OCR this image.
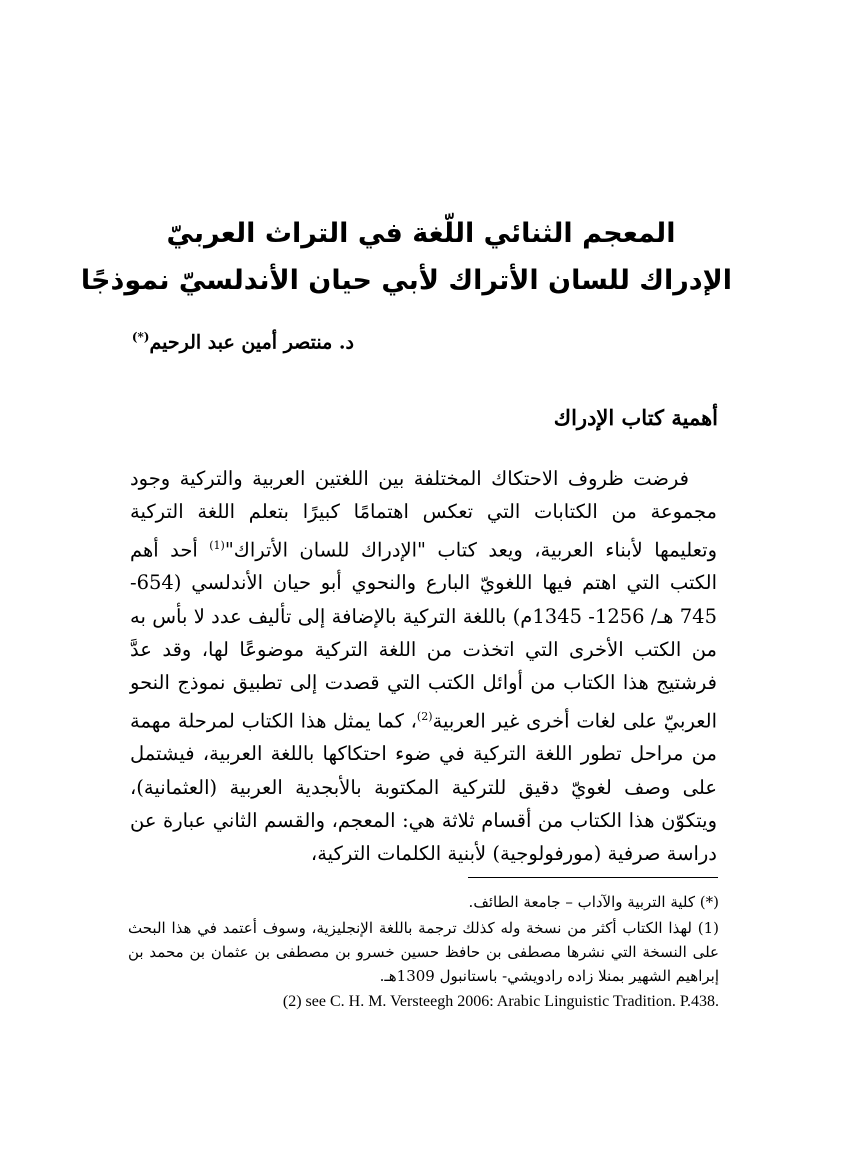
المعجم الثنائي اللّغة في التراث العربيّ
الإدراك للسان الأتراك لأبي حيان الأندلسيّ نموذجًا
د. منتصر أمين عبد الرحيم(*)
أهمية كتاب الإدراك

فرضت ظروف الاحتكاك المختلفة بين اللغتين العربية والتركية وجود مجموعة من الكتابات التي تعكس اهتمامًا كبيرًا بتعلم اللغة التركية وتعليمها لأبناء العربية، ويعد كتاب "الإدراك للسان الأتراك"$^{(1)}$ أحد أهم الكتب التي اهتم فيها اللغويّ البارع والنحوي أبو حيان الأندلسي (654- 745 هـ/ 1256- 1345م) باللغة التركية بالإضافة إلى تأليف عدد لا بأس به من الكتب الأخرى التي اتخذت من اللغة التركية موضوعًا لها، وقد عدَّ فرشتيج هذا الكتاب من أوائل الكتب التي قصدت إلى تطبيق نموذج النحو العربيّ على لغات أخرى غير العربية$^{(2)}$، كما يمثل هذا الكتاب لمرحلة مهمة من مراحل تطور اللغة التركية في ضوء احتكاكها باللغة العربية، فيشتمل على وصف لغويّ دقيق للتركية المكتوبة بالأبجدية العربية (العثمانية)، ويتكوّن هذا الكتاب من أقسام ثلاثة هي: المعجم، والقسم الثاني عبارة عن دراسة صرفية (مورفولوجية) لأبنية الكلمات التركية،

(*) كلية التربية والآداب – جامعة الطائف.

(1) لهذا الكتاب أكثر من نسخة وله كذلك ترجمة باللغة الإنجليزية، وسوف أعتمد في هذا البحث على النسخة التي نشرها مصطفى بن حافظ حسين خسرو بن مصطفى بن عثمان بن محمد بن إبراهيم الشهير بمنلا زاده رادويشي- باستانبول 1309هـ.

(2) see C. H. M. Versteegh 2006: Arabic Linguistic Tradition. P.438.
